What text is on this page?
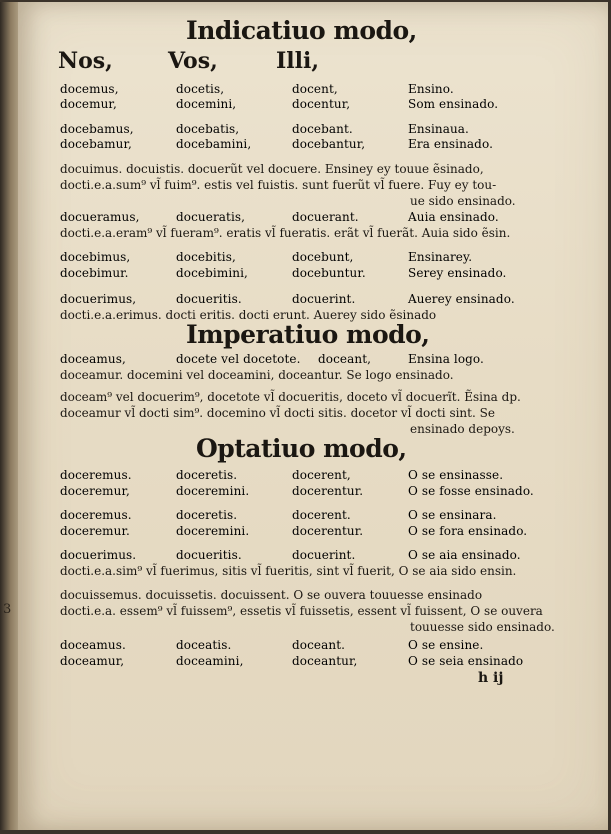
3
Indicatiuo modo,
Nos,	Vos,	Illi,
docemus,	docetis,	docent,	Ensino.
docemur,	docemini,	docentur,	Som ensinado.
docebamus,	docebatis,	docebant.	Ensinaua.
docebamur,	docebamini,	docebantur,	Era ensinado.
docuimus. docuistis. docuerũt vel docuere. Ensiney ey touue ẽsinado,
docti.e.a.sum⁹ vl̃ fuim⁹. estis vel fuistis. sunt fuerũt vl̃ fuere. Fuy ey tou-
ue sido ensinado.
docueramus,	docueratis,	docuerant.	Auia ensinado.
docti.e.a.eram⁹ vl̃ fueram⁹. eratis vl̃ fueratis. erãt vl̃ fuerãt. Auia sido ẽsin.
docebimus,	docebitis,	docebunt,	Ensinarey.
docebimur.	docebimini,	docebuntur.	Serey ensinado.
docuerimus,	docueritis.	docuerint.	Auerey ensinado.
docti.e.a.erimus. docti eritis. docti erunt. Auerey sido ẽsinado
Imperatiuo modo,
doceamus,	docete vel docetote. doceant,	Ensina logo.
doceamur. docemini vel doceamini, doceantur. Se logo ensinado.
doceam⁹ vel docuerim⁹, docetote vl̃ docueritis, doceto vl̃ docuerĩt. Ẽsina dp.
doceamur vl̃ docti sim⁹. docemino vl̃ docti sitis. docetor vl̃ docti sint. Se
ensinado depoys.
Optatiuo modo,
doceremus.	doceretis.	docerent,	O se ensinasse.
doceremur,	doceremini.	docerentur.	O se fosse ensinado.
doceremus.	doceretis.	docerent.	O se ensinara.
doceremur.	doceremini.	docerentur.	O se fora ensinado.
docuerimus.	docueritis.	docuerint.	O se aia ensinado.
docti.e.a.sim⁹ vl̃ fuerimus, sitis vl̃ fueritis, sint vl̃ fuerit, O se aia sido ensin.
docuissemus. docuissetis. docuissent. O se ouvera touuesse ensinado
docti.e.a. essem⁹ vl̃ fuissem⁹, essetis vl̃ fuissetis, essent vl̃ fuissent, O se ouvera
touuesse sido ensinado.
doceamus.	doceatis.	doceant.	O se ensine.
doceamur,	doceamini,	doceantur,	O se seia ensinado
h ij
